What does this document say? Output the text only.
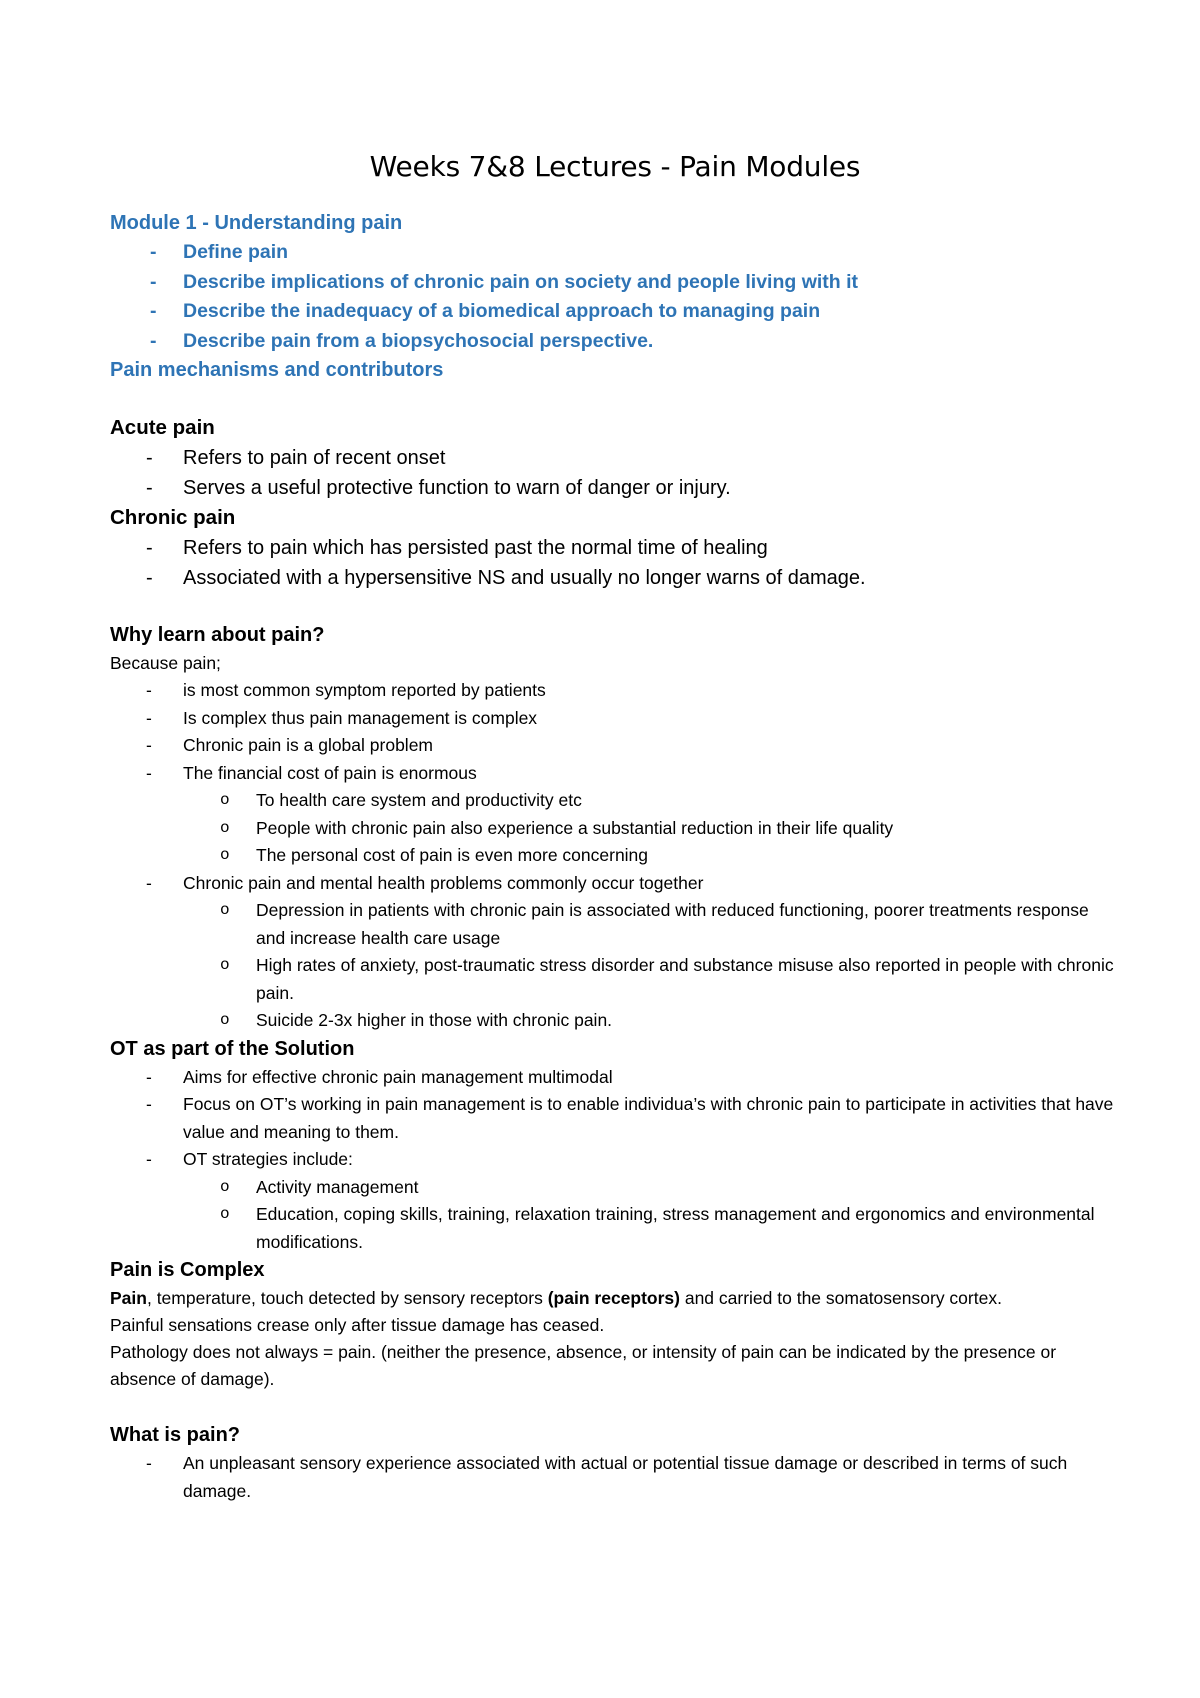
Weeks 7&8 Lectures - Pain Modules
Module 1 - Understanding pain
- Define pain
- Describe implications of chronic pain on society and people living with it
- Describe the inadequacy of a biomedical approach to managing pain
- Describe pain from a biopsychosocial perspective.
Pain mechanisms and contributors
Acute pain
- Refers to pain of recent onset
- Serves a useful protective function to warn of danger or injury.
Chronic pain
- Refers to pain which has persisted past the normal time of healing
- Associated with a hypersensitive NS and usually no longer warns of damage.
Why learn about pain?
Because pain;
- is most common symptom reported by patients
- Is complex thus pain management is complex
- Chronic pain is a global problem
- The financial cost of pain is enormous
o To health care system and productivity etc
o People with chronic pain also experience a substantial reduction in their life quality
o The personal cost of pain is even more concerning
- Chronic pain and mental health problems commonly occur together
o Depression in patients with chronic pain is associated with reduced functioning, poorer treatments response and increase health care usage
o High rates of anxiety, post-traumatic stress disorder and substance misuse also reported in people with chronic pain.
o Suicide 2-3x higher in those with chronic pain.
OT as part of the Solution
- Aims for effective chronic pain management multimodal
- Focus on OT’s working in pain management is to enable individua’s with chronic pain to participate in activities that have value and meaning to them.
- OT strategies include:
o Activity management
o Education, coping skills, training, relaxation training, stress management and ergonomics and environmental modifications.
Pain is Complex
Pain, temperature, touch detected by sensory receptors (pain receptors) and carried to the somatosensory cortex.
Painful sensations crease only after tissue damage has ceased.
Pathology does not always = pain. (neither the presence, absence, or intensity of pain can be indicated by the presence or absence of damage).
What is pain?
- An unpleasant sensory experience associated with actual or potential tissue damage or described in terms of such damage.
